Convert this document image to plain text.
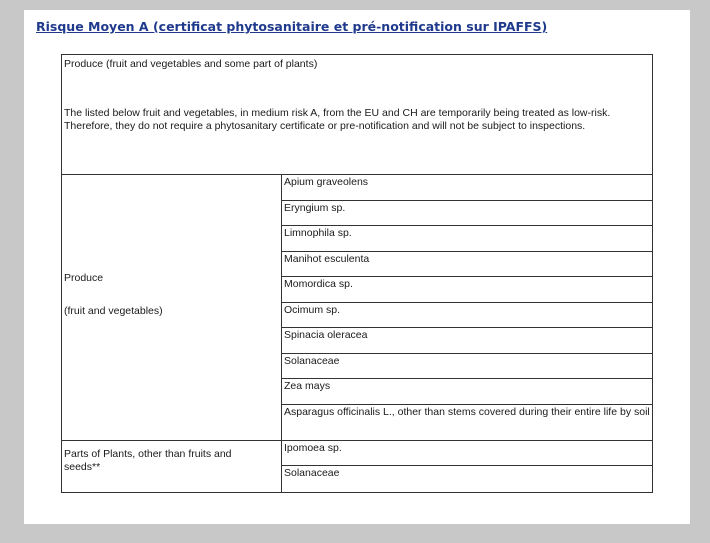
Risque Moyen A (certificat phytosanitaire et pré-notification sur IPAFFS)
Produce (fruit and vegetables and some part of plants)
The listed below fruit and vegetables, in medium risk A, from the EU and CH are temporarily being treated as low-risk. Therefore, they do not require a phytosanitary certificate or pre-notification and will not be subject to inspections.
Produce
(fruit and vegetables)
Apium graveolens
Eryngium sp.
Limnophila sp.
Manihot esculenta
Momordica sp.
Ocimum sp.
Spinacia oleracea
Solanaceae
Zea mays
Asparagus officinalis L., other than stems covered during their entire life by soil
Parts of Plants, other than fruits and seeds**
Ipomoea sp.
Solanaceae
